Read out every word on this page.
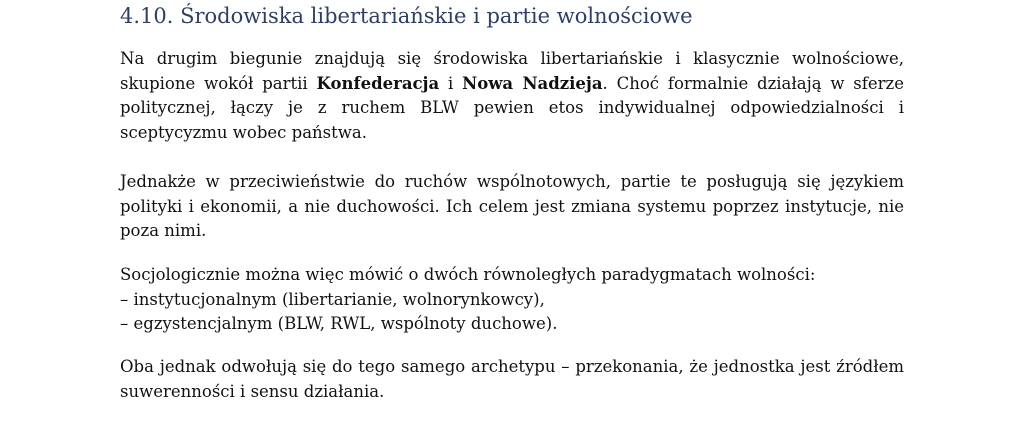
4.10. Środowiska libertariańskie i partie wolnościowe

Na drugim biegunie znajdują się środowiska libertariańskie i klasycznie wolnościowe, skupione wokół partii Konfederacja i Nowa Nadzieja. Choć formalnie działają w sferze politycznej, łączy je z ruchem BLW pewien etos indywidualnej odpowiedzialności i sceptycyzmu wobec państwa.

Jednakże w przeciwieństwie do ruchów wspólnotowych, partie te posługują się językiem polityki i ekonomii, a nie duchowości. Ich celem jest zmiana systemu poprzez instytucje, nie poza nimi.

Socjologicznie można więc mówić o dwóch równoległych paradygmatach wolności:
– instytucjonalnym (libertarianie, wolnorynkowcy),
– egzystencjalnym (BLW, RWL, wspólnoty duchowe).

Oba jednak odwołują się do tego samego archetypu – przekonania, że jednostka jest źródłem suwerenności i sensu działania.
